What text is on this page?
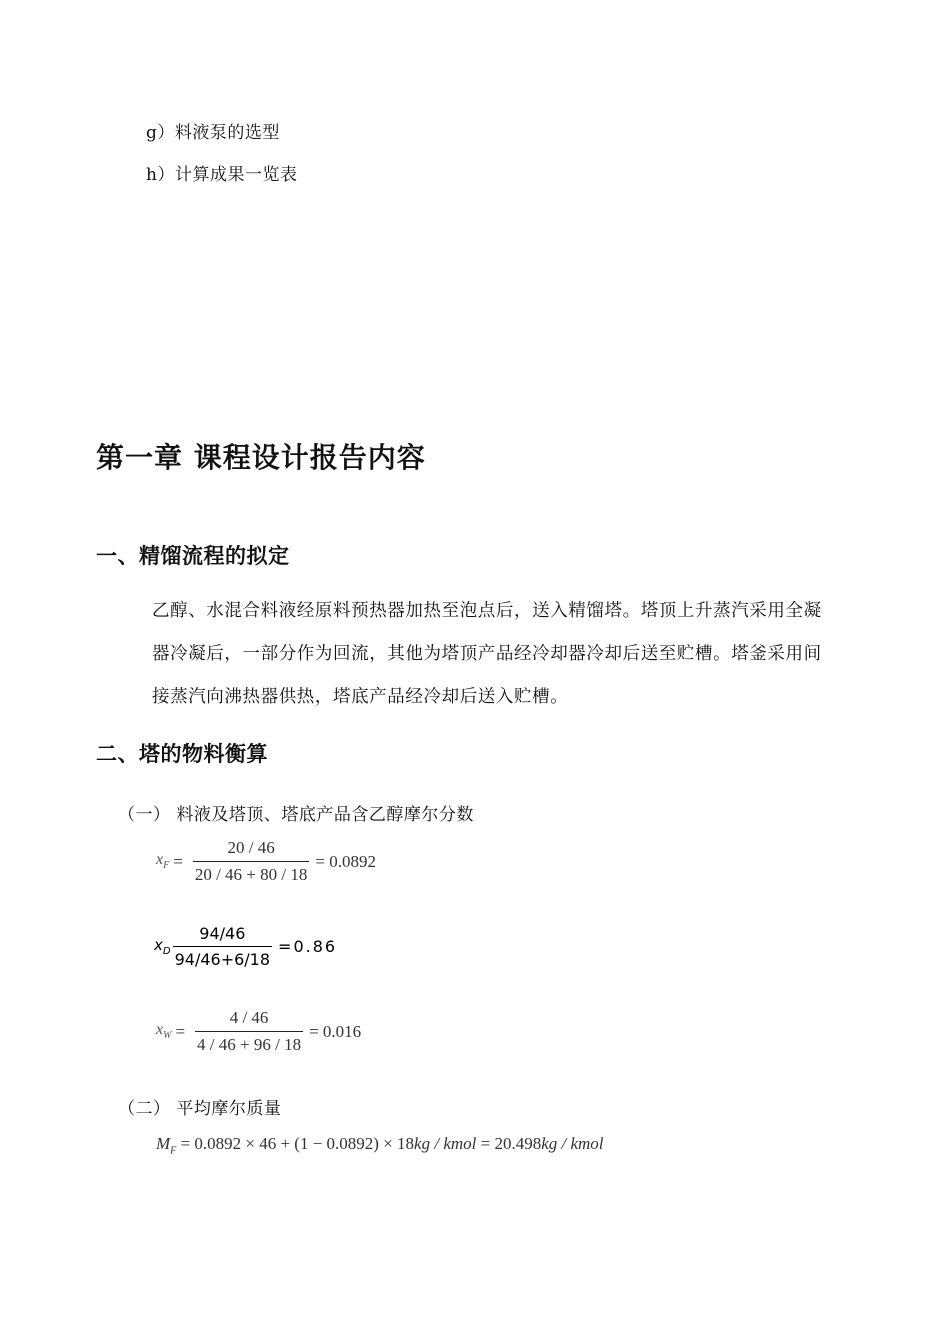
g）料液泵的选型
h）计算成果一览表
第一章 课程设计报告内容
一、精馏流程的拟定
乙醇、水混合料液经原料预热器加热至泡点后，送入精馏塔。塔顶上升蒸汽采用全凝
器冷凝后，一部分作为回流，其他为塔顶产品经冷却器冷却后送至贮槽。塔釜采用间
接蒸汽向沸热器供热，塔底产品经冷却后送入贮槽。
二、塔的物料衡算
（一） 料液及塔顶、塔底产品含乙醇摩尔分数
$x_F = \frac{20 / 46}{20 / 46 + 80 / 18} = 0.0892$
$x_D \frac{94/46}{94/46+6/18} =0.86$
$x_W = \frac{4 / 46}{4 / 46 + 96 / 18} = 0.016$
（二） 平均摩尔质量
$M_F = 0.0892 \times 46 + (1 - 0.0892) \times 18kg$ / kmol = 20.498kg / kmol
